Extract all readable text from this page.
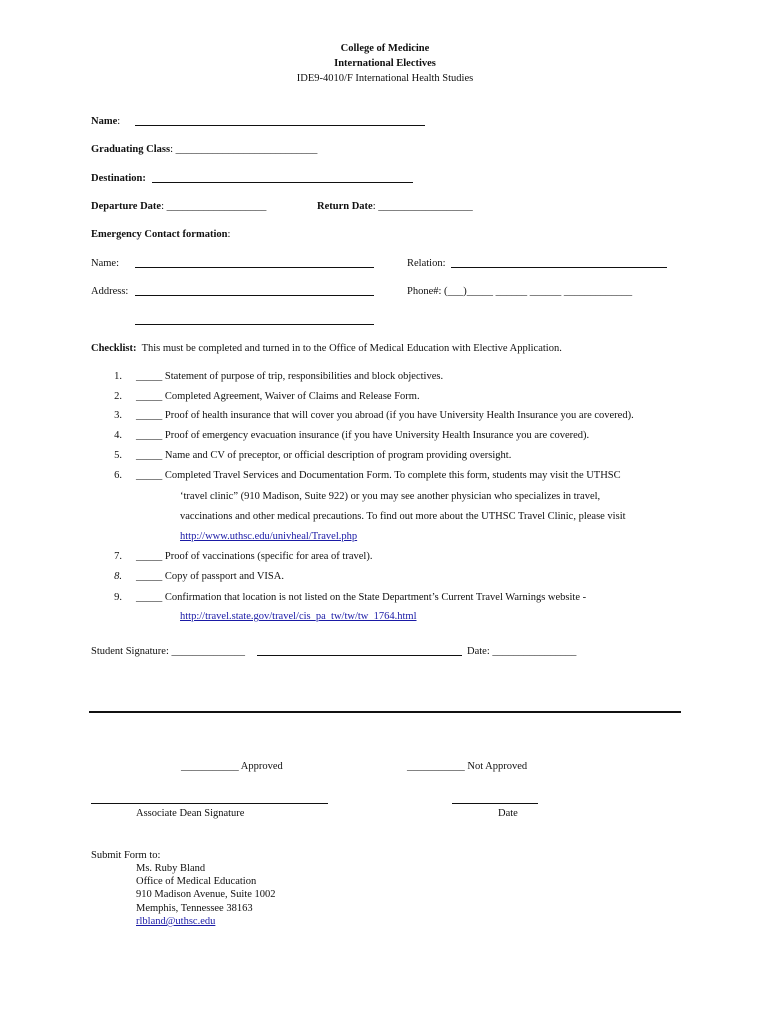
College of Medicine
International Electives
IDE9-4010/F International Health Studies
Name:
Graduating Class: ___________________________
Destination:
Departure Date: ___________________	Return Date: __________________
Emergency Contact formation:
Name:	Relation:
Address:	Phone#: (___)_____ ______ ______ _____________
Checklist: This must be completed and turned in to the Office of Medical Education with Elective Application.
1. _____ Statement of purpose of trip, responsibilities and block objectives.
2. _____ Completed Agreement, Waiver of Claims and Release Form.
3. _____ Proof of health insurance that will cover you abroad (if you have University Health Insurance you are covered).
4. _____ Proof of emergency evacuation insurance (if you have University Health Insurance you are covered).
5. _____ Name and CV of preceptor, or official description of program providing oversight.
6. _____ Completed Travel Services and Documentation Form. To complete this form, students may visit the UTHSC
‘travel clinic” (910 Madison, Suite 922) or you may see another physician who specializes in travel,
vaccinations and other medical precautions. To find out more about the UTHSC Travel Clinic, please visit
http://www.uthsc.edu/univheal/Travel.php
7. _____ Proof of vaccinations (specific for area of travel).
8. _____ Copy of passport and VISA.
9. _____ Confirmation that location is not listed on the State Department’s Current Travel Warnings website -
http://travel.state.gov/travel/cis_pa_tw/tw/tw_1764.html
Student Signature: ______________	Date: ________________
___________ Approved	___________ Not Approved
Associate Dean Signature	Date
Submit Form to:
Ms. Ruby Bland
Office of Medical Education
910 Madison Avenue, Suite 1002
Memphis, Tennessee 38163
rlbland@uthsc.edu
